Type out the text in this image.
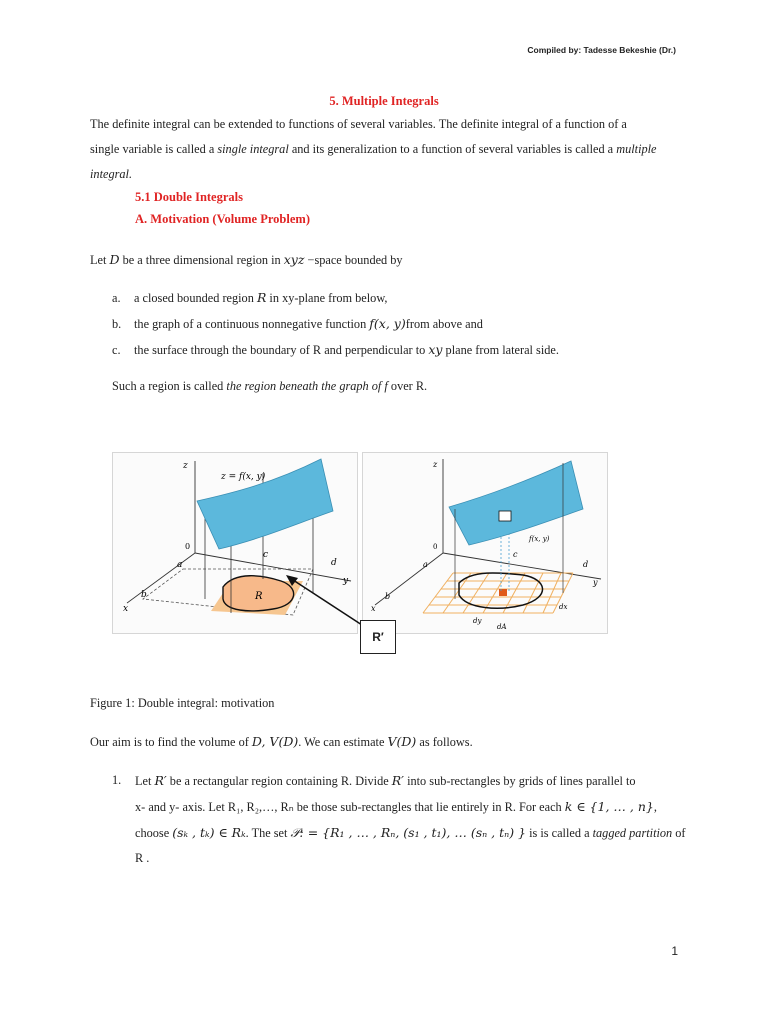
Compiled by: Tadesse Bekeshie (Dr.)
5. Multiple Integrals
The definite integral can be extended to functions of several variables. The definite integral of a function of a
single variable is called a single integral and its generalization to a function of several variables is called a multiple
integral.
5.1 Double Integrals
A. Motivation (Volume Problem)
Let D be a three dimensional region in xyz −space bounded by
a. a closed bounded region R in xy-plane from below,
b. the graph of a continuous nonnegative function f(x, y)from above and
c. the surface through the boundary of R and perpendicular to xy plane from lateral side.
Such a region is called the region beneath the graph of f over R.
z
z = f(x, y)
0
a
b
c
d
x
y
R
z
f(x, y)
0
a
b
c
d
x
y
dy
dx
dA
R′
Figure 1: Double integral: motivation
Our aim is to find the volume of D, V(D). We can estimate V(D) as follows.
1. Let R′ be a rectangular region containing R. Divide R′ into sub-rectangles by grids of lines parallel to
x- and y- axis. Let R₁, R₂,…, Rₙ be those sub-rectangles that lie entirely in R. For each k ∈ {1, … , n},
choose (sₖ , tₖ) ∈ Rₖ. The set 𝒫: = {R₁ , … , Rₙ, (s₁ , t₁), … (sₙ , tₙ) } is is called a tagged partition of
R .
1
